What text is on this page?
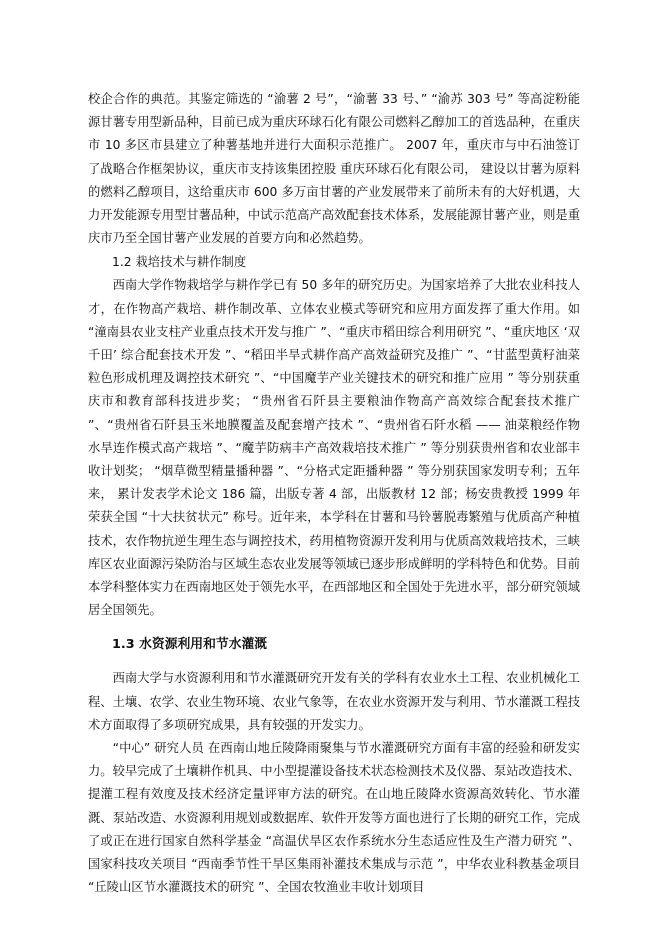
校企合作的典范。其鉴定筛选的 “渝薯 2 号”，“渝薯 33 号、” “渝苏 303 号” 等高淀粉能源甘薯专用型新品种，目前已成为重庆环球石化有限公司燃料乙醇加工的首选品种，在重庆市 10 多区市县建立了种薯基地并进行大面积示范推广。 2007 年，重庆市与中石油签订了战略合作框架协议，重庆市支持该集团控股 重庆环球石化有限公司， 建设以甘薯为原料的燃料乙醇项目，这给重庆市 600 多万亩甘薯的产业发展带来了前所未有的大好机遇，大力开发能源专用型甘薯品种，中试示范高产高效配套技术体系，发展能源甘薯产业，则是重庆市乃至全国甘薯产业发展的首要方向和必然趋势。

1.2 栽培技术与耕作制度

西南大学作物栽培学与耕作学已有 50 多年的研究历史。为国家培养了大批农业科技人才，在作物高产栽培、耕作制改革、立体农业模式等研究和应用方面发挥了重大作用。如 “潼南县农业支柱产业重点技术开发与推广 ”、“重庆市稻田综合利用研究 ”、“重庆地区 ‘双千田’ 综合配套技术开发 ”、“稻田半旱式耕作高产高效益研究及推广 ”、“甘蓝型黄籽油菜粒色形成机理及调控技术研究 ”、“中国魔芋产业关键技术的研究和推广应用 ” 等分别获重庆市和教育部科技进步奖； “贵州省石阡县主要粮油作物高产高效综合配套技术推广 ”、“贵州省石阡县玉米地膜覆盖及配套增产技术 ”、“贵州省石阡水稻 —— 油菜粮经作物水旱连作模式高产栽培 ”、“魔芋防病丰产高效栽培技术推广 ” 等分别获贵州省和农业部丰收计划奖； “烟草微型精量播种器 ”、“分格式定距播种器 ” 等分别获国家发明专利；五年来， 累计发表学术论文 186 篇，出版专著 4 部，出版教材 12 部；杨安贵教授 1999 年荣获全国 “十大扶贫状元” 称号。近年来，本学科在甘薯和马铃薯脱毒繁殖与优质高产种植技术，农作物抗逆生理生态与调控技术，药用植物资源开发利用与优质高效栽培技术，三峡库区农业面源污染防治与区域生态农业发展等领域已逐步形成鲜明的学科特色和优势。目前本学科整体实力在西南地区处于领先水平，在西部地区和全国处于先进水平，部分研究领域居全国领先。

1.3 水资源利用和节水灌溉

西南大学与水资源利用和节水灌溉研究开发有关的学科有农业水土工程、农业机械化工程、土壤、农学、农业生物环境、农业气象等，在农业水资源开发与利用、节水灌溉工程技术方面取得了多项研究成果，具有较强的开发实力。

“中心” 研究人员 在西南山地丘陵降雨聚集与节水灌溉研究方面有丰富的经验和研发实力。较早完成了土壤耕作机具、中小型提灌设备技术状态检测技术及仪器、泵站改造技术、提灌工程有效度及技术经济定量评审方法的研究。在山地丘陵降水资源高效转化、节水灌溉、泵站改造、水资源利用规划或数据库、软件开发等方面也进行了长期的研究工作，完成了或正在进行国家自然科学基金 “高温伏旱区农作系统水分生态适应性及生产潜力研究 ”、国家科技攻关项目 “西南季节性干旱区集雨补灌技术集成与示范 ”，中华农业科教基金项目 “丘陵山区节水灌溉技术的研究 ”、全国农牧渔业丰收计划项目
